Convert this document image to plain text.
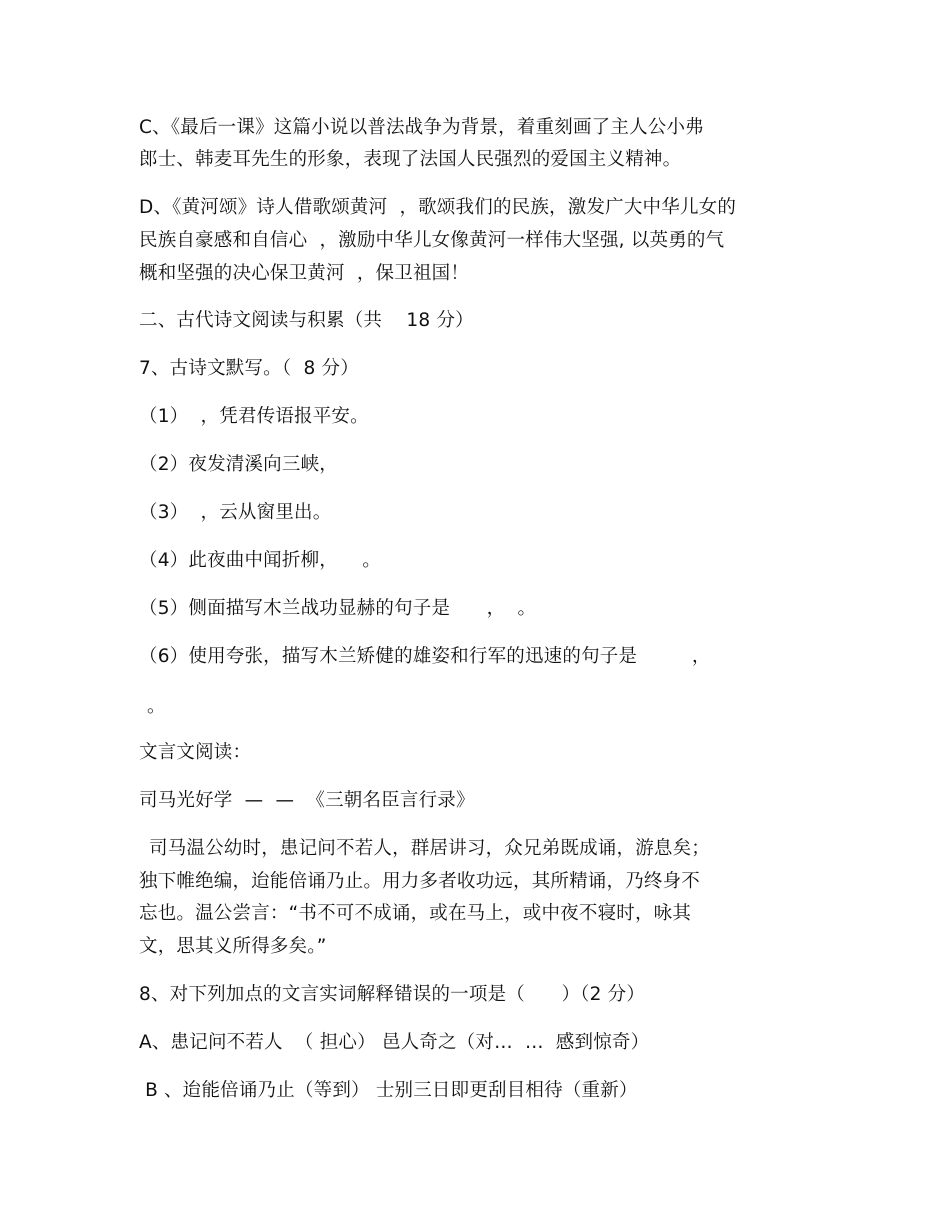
C、《最后一课》这篇小说以普法战争为背景，着重刻画了主人公小弗
郎士、韩麦耳先生的形象，表现了法国人民强烈的爱国主义精神。
D、《黄河颂》诗人借歌颂黄河  ，歌颂我们的民族，激发广大中华儿女的
民族自豪感和自信心  ，激励中华儿女像黄河一样伟大坚强, 以英勇的气
概和坚强的决心保卫黄河  ，保卫祖国！
二、古代诗文阅读与积累（共    18 分）
7、古诗文默写。（  8 分）
（1）  ，凭君传语报平安。
（2）夜发清溪向三峡，
（3）  ，云从窗里出。
（4）此夜曲中闻折柳，    。
（5）侧面描写木兰战功显赫的句子是      ，  。
（6）使用夸张，描写木兰矫健的雄姿和行军的迅速的句子是         ，
。
文言文阅读：
司马光好学  —  —  《三朝名臣言行录》
司马温公幼时，患记问不若人，群居讲习，众兄弟既成诵，游息矣；
独下帷绝编，迨能倍诵乃止。用力多者收功远，其所精诵，乃终身不
忘也。温公尝言：“书不可不成诵，或在马上，或中夜不寝时，咏其
文，思其义所得多矣。”
8、对下列加点的文言实词解释错误的一项是（      ）（2 分）
A、患记问不若人  （ 担心） 邑人奇之（对…  …  感到惊奇）
B 、迨能倍诵乃止（等到） 士别三日即更刮目相待（重新）
